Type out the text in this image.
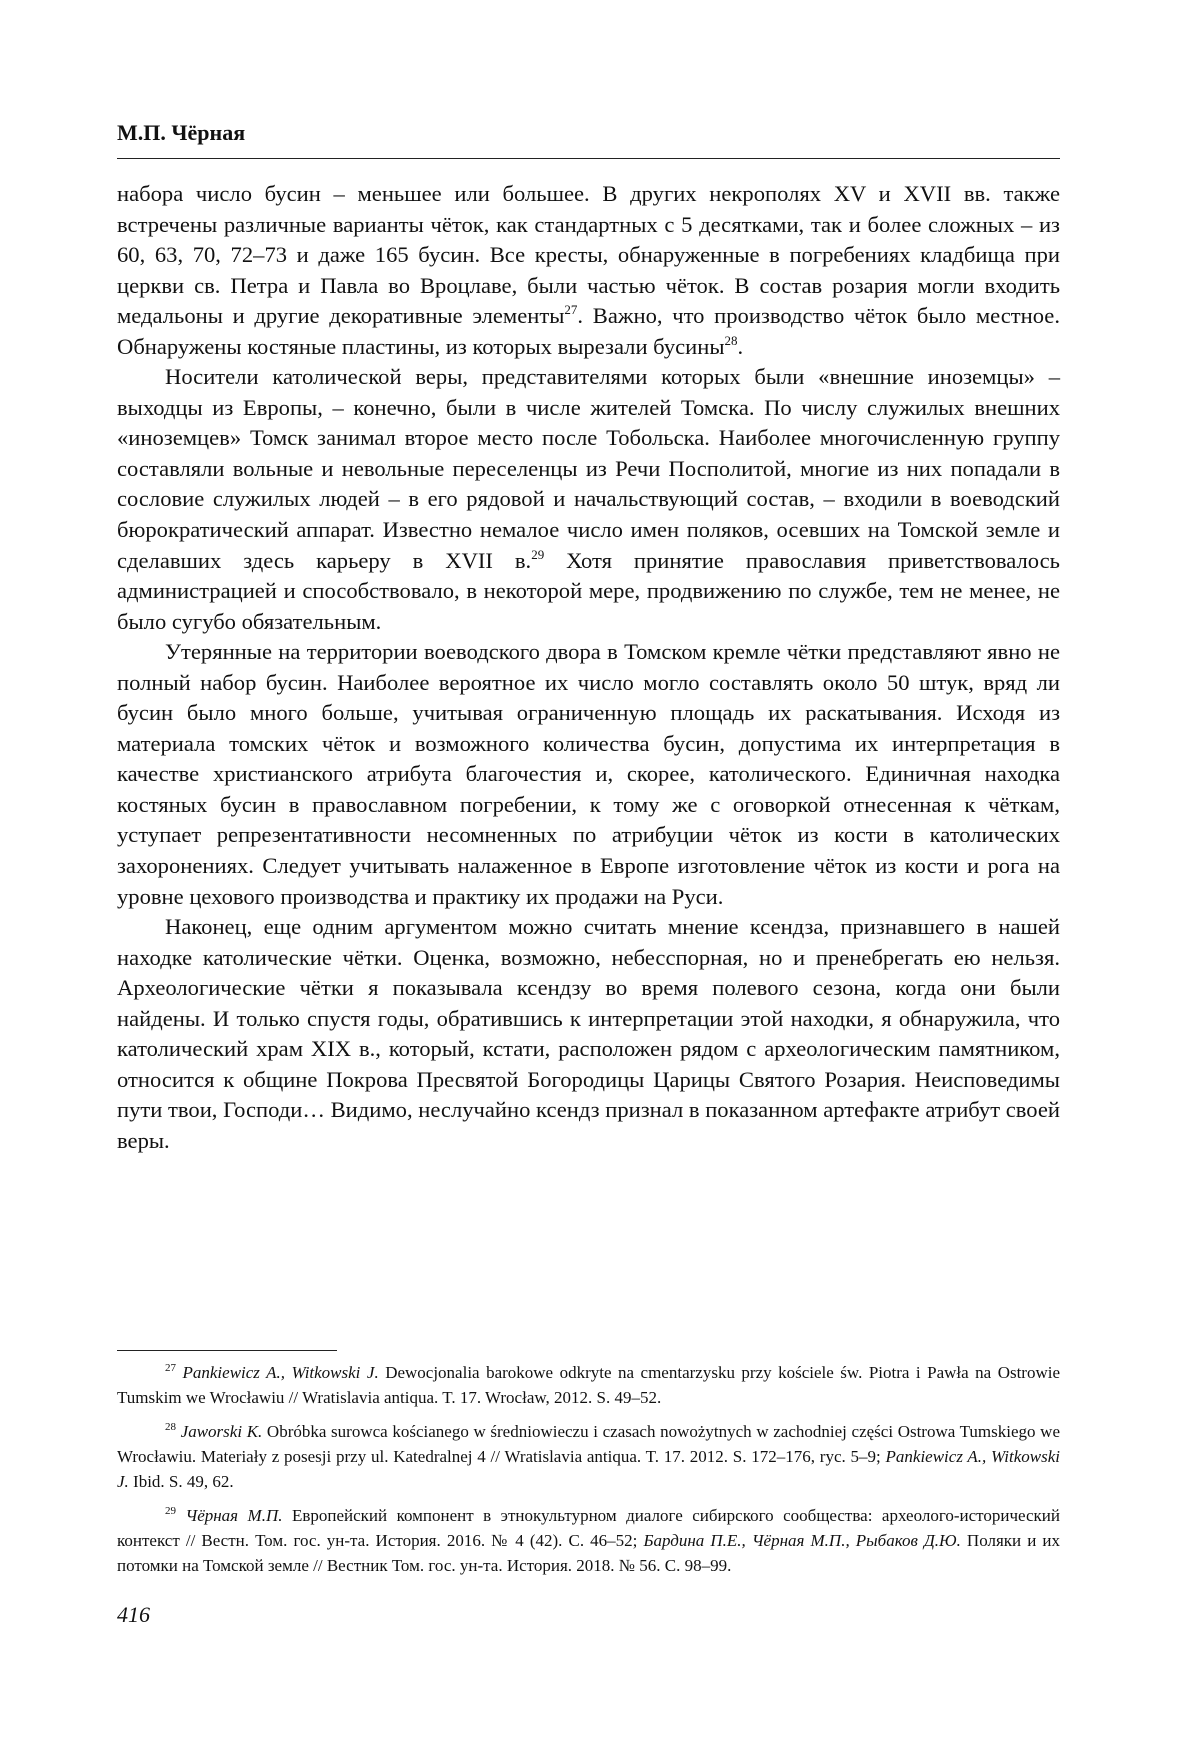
М.П. Чёрная

набора число бусин – меньшее или большее. В других некрополях XV и XVII вв. также встречены различные варианты чёток, как стандартных с 5 десятками, так и более сложных – из 60, 63, 70, 72–73 и даже 165 бусин. Все кресты, обнаруженные в погребениях кладбища при церкви св. Петра и Павла во Вроцлаве, были частью чёток. В состав розария могли входить медальоны и другие декоративные элементы$^{27}$. Важно, что производство чёток было местное. Обнаружены костяные пластины, из которых вырезали бусины$^{28}$.

Носители католической веры, представителями которых были «внешние иноземцы» – выходцы из Европы, – конечно, были в числе жителей Томска. По числу служилых внешних «иноземцев» Томск занимал второе место после Тобольска. Наиболее многочисленную группу составляли вольные и невольные переселенцы из Речи Посполитой, многие из них попадали в сословие служилых людей – в его рядовой и начальствующий состав, – входили в воеводский бюрократический аппарат. Известно немалое число имен поляков, осевших на Томской земле и сделавших здесь карьеру в XVII в.$^{29}$ Хотя принятие православия приветствовалось администрацией и способствовало, в некоторой мере, продвижению по службе, тем не менее, не было сугубо обязательным.

Утерянные на территории воеводского двора в Томском кремле чётки представляют явно не полный набор бусин. Наиболее вероятное их число могло составлять около 50 штук, вряд ли бусин было много больше, учитывая ограниченную площадь их раскатывания. Исходя из материала томских чёток и возможного количества бусин, допустима их интерпретация в качестве христианского атрибута благочестия и, скорее, католического. Единичная находка костяных бусин в православном погребении, к тому же с оговоркой отнесенная к чёткам, уступает репрезентативности несомненных по атрибуции чёток из кости в католических захоронениях. Следует учитывать налаженное в Европе изготовление чёток из кости и рога на уровне цехового производства и практику их продажи на Руси.

Наконец, еще одним аргументом можно считать мнение ксендза, признавшего в нашей находке католические чётки. Оценка, возможно, небесспорная, но и пренебрегать ею нельзя. Археологические чётки я показывала ксендзу во время полевого сезона, когда они были найдены. И только спустя годы, обратившись к интерпретации этой находки, я обнаружила, что католический храм XIX в., который, кстати, расположен рядом с археологическим памятником, относится к общине Покрова Пресвятой Богородицы Царицы Святого Розария. Неисповедимы пути твои, Господи… Видимо, неслучайно ксендз признал в показанном артефакте атрибут своей веры.

$^{27}$ Pankiewicz A., Witkowski J. Dewocjonalia barokowe odkryte na cmentarzysku przy kościele św. Piotra i Pawła na Ostrowie Tumskim we Wrocławiu // Wratislavia antiqua. T. 17. Wrocław, 2012. S. 49–52.

$^{28}$ Jaworski K. Obróbka surowca kościanego w średniowieczu i czasach nowożytnych w zachodniej części Ostrowa Tumskiego we Wrocławiu. Materiały z posesji przy ul. Katedralnej 4 // Wratislavia antiqua. T. 17. 2012. S. 172–176, ryc. 5–9; Pankiewicz A., Witkowski J. Ibid. S. 49, 62.

$^{29}$ Чёрная М.П. Европейский компонент в этнокультурном диалоге сибирского сообщества: археолого-исторический контекст // Вестн. Том. гос. ун-та. История. 2016. № 4 (42). С. 46–52; Бардина П.Е., Чёрная М.П., Рыбаков Д.Ю. Поляки и их потомки на Томской земле // Вестник Том. гос. ун-та. История. 2018. № 56. С. 98–99.

416
